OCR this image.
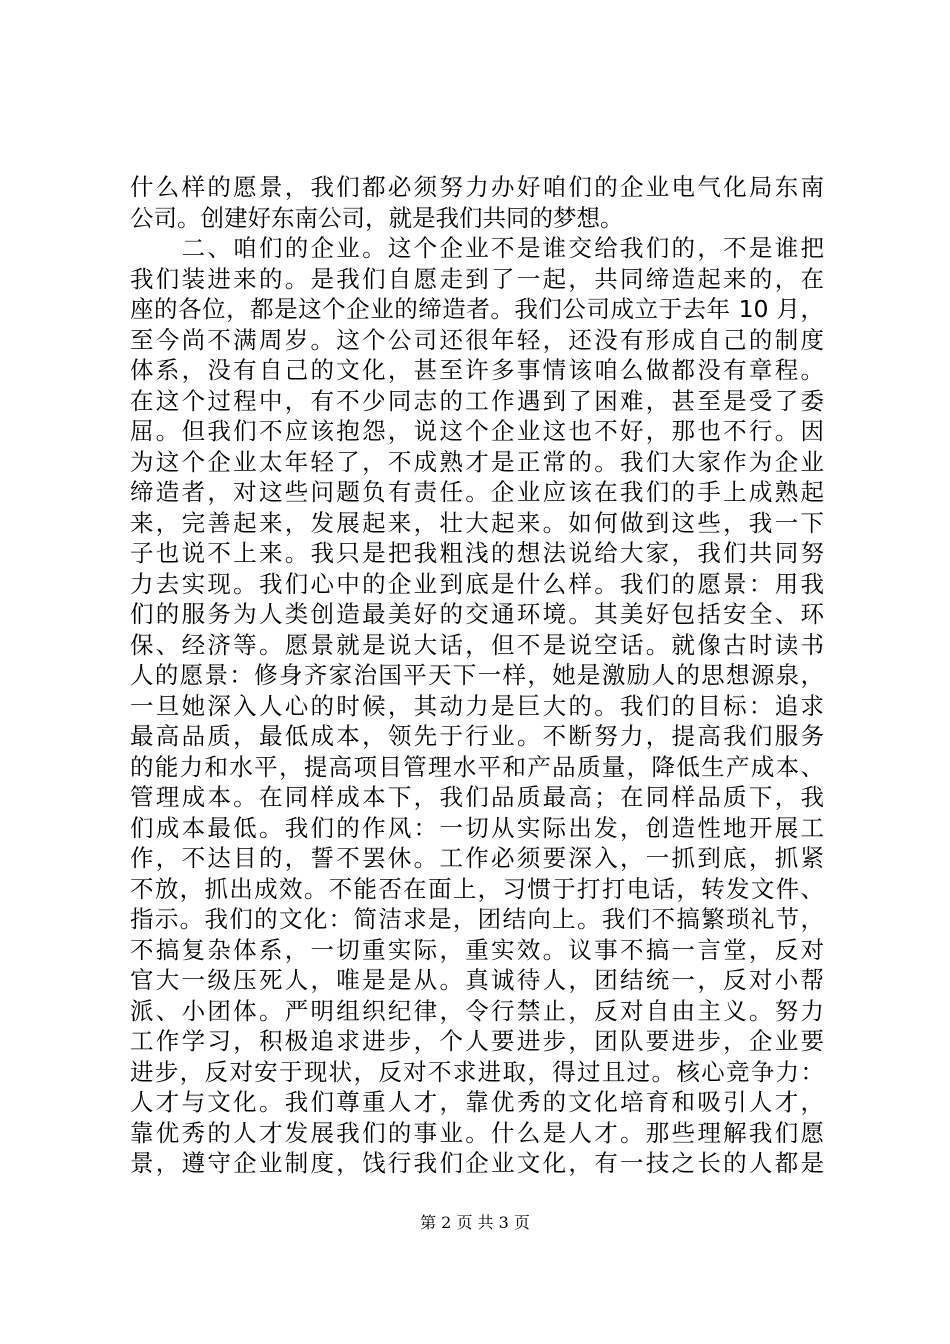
什么样的愿景，我们都必须努力办好咱们的企业电气化局东南
公司。创建好东南公司，就是我们共同的梦想。
　　二、咱们的企业。这个企业不是谁交给我们的，不是谁把
我们装进来的。是我们自愿走到了一起，共同缔造起来的，在
座的各位，都是这个企业的缔造者。我们公司成立于去年 10 月，
至今尚不满周岁。这个公司还很年轻，还没有形成自己的制度
体系，没有自己的文化，甚至许多事情该咱么做都没有章程。
在这个过程中，有不少同志的工作遇到了困难，甚至是受了委
屈。但我们不应该抱怨，说这个企业这也不好，那也不行。因
为这个企业太年轻了，不成熟才是正常的。我们大家作为企业
缔造者，对这些问题负有责任。企业应该在我们的手上成熟起
来，完善起来，发展起来，壮大起来。如何做到这些，我一下
子也说不上来。我只是把我粗浅的想法说给大家，我们共同努
力去实现。我们心中的企业到底是什么样。我们的愿景：用我
们的服务为人类创造最美好的交通环境。其美好包括安全、环
保、经济等。愿景就是说大话，但不是说空话。就像古时读书
人的愿景：修身齐家治国平天下一样，她是激励人的思想源泉，
一旦她深入人心的时候，其动力是巨大的。我们的目标：追求
最高品质，最低成本，领先于行业。不断努力，提高我们服务
的能力和水平，提高项目管理水平和产品质量，降低生产成本、
管理成本。在同样成本下，我们品质最高；在同样品质下，我
们成本最低。我们的作风：一切从实际出发，创造性地开展工
作，不达目的，誓不罢休。工作必须要深入，一抓到底，抓紧
不放，抓出成效。不能否在面上，习惯于打打电话，转发文件、
指示。我们的文化：简洁求是，团结向上。我们不搞繁琐礼节，
不搞复杂体系，一切重实际，重实效。议事不搞一言堂，反对
官大一级压死人，唯是是从。真诚待人，团结统一，反对小帮
派、小团体。严明组织纪律，令行禁止，反对自由主义。努力
工作学习，积极追求进步，个人要进步，团队要进步，企业要
进步，反对安于现状，反对不求进取，得过且过。核心竞争力：
人才与文化。我们尊重人才，靠优秀的文化培育和吸引人才，
靠优秀的人才发展我们的事业。什么是人才。那些理解我们愿
景，遵守企业制度，饯行我们企业文化，有一技之长的人都是
第 2 页 共 3 页
